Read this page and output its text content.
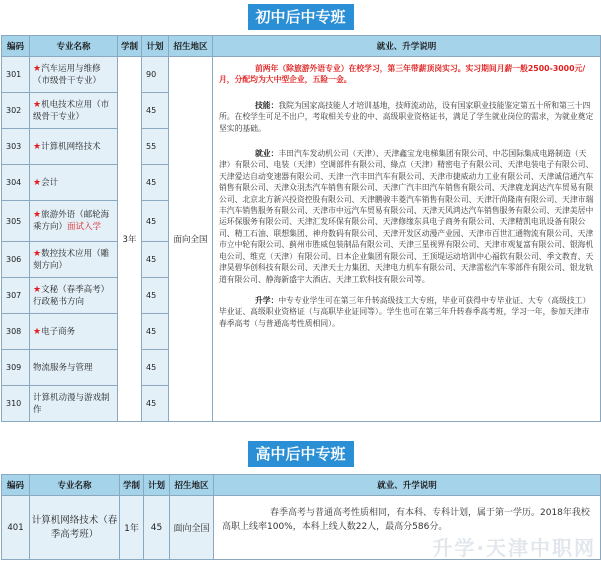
初中后中专班
编码	专业名称	学制	计划	招生地区	就业、升学说明
301	★汽车运用与维修（市级骨干专业）	3年	90	面向全国	前两年（除旅游外语专业）在校学习，第三年带薪顶岗实习。实习期间月薪一般2500-3000元/月，分配均为大中型企业，五险一金。
技能：我院为国家高技能人才培训基地，技师流动站，设有国家职业技能鉴定第五十所和第三十四所。在校学生可足不出户，考取相关专业的中、高级职业资格证书，满足了学生就业岗位的需求，为就业奠定坚实的基础。
就业：丰田汽车发动机公司（天津）、天津鑫宝龙电梯集团有限公司、中芯国际集成电路制造（天津）有限公司、电装（天津）空调部件有限公司、綠点（天津）精密电子有限公司、天津电装电子有限公司、天津爱达自动变速器有限公司、天津一汽丰田汽车有限公司、天津市捷威动力工业有限公司、天津诚信通汽车销售有限公司、天津众羽杰汽车销售有限公司、天津广汽丰田汽车销售有限公司、天津鹿龙润达汽车贸易有限公司、北京北方新兴投资控股有限公司、天津鹏骏丰菱汽车销售有限公司、天津汗尚隆南有限公司、天津市瑞丰汽车销售服务有限公司、天津市中远汽车贸易有限公司、天津天风鸿达汽车销售服务有限公司、天津美居中运环保服务有限公司、天津汇发环保有限公司、天津修缘东具电子商务有限公司、天津精凯电讯设备有限公司、精工石油、联想集团、神舟数码有限公司、天津开发区动漫产业园、天津市百世汇通物流有限公司、天津市立中轮有限公司、蓟州市胜威包装制品有限公司、天津三星视界有限公司、天津市观复富有限公司、银海机电公司、维克（天津）有限公司、日本企业集团有限公司、王顶堤运动培训中心福软有限公司、季文教育、天津昊碧华创科技有限公司、天津天士力集团、天津电力机车有限公司、天津雷松汽车零部件有限公司、银龙轨道有限公司、静海新盛宇大酒店、天津工软科技有限公司等。
升学：中专专业学生可在第三年升转高级技工大专班，毕业可获得中专毕业证、大专（高级技工）毕业证、高级职业资格证（与高职毕业证同等）。学生也可在第三年升转春季高考班，学习一年，参加天津市春季高考（与普通高考性质相同）。

302	★机电技术应用（市级骨干专业）		45		
303	★计算机网络技术		55		
304	★会计		45		
305	★旅游外语（邮轮海乘方向）面试入学		45		
306	★数控技术应用（雕刻方向）		45		
307	★文秘（春季高考）行政秘书方向		45		
308	★电子商务		45		
309	物流服务与管理		45		
310	计算机动漫与游戏制作		45		
高中后中专班
编码	专业名称	学制	计划	招生地区	就业、升学说明
401	计算机网络技术（春季高考班）	1年	45	面向全国	春季高考与普通高考性质相同，有本科、专科计划，属于第一学历。2018年我校高职上线率100%，本科上线人数22人，最高分586分。
升学·天津中职网
